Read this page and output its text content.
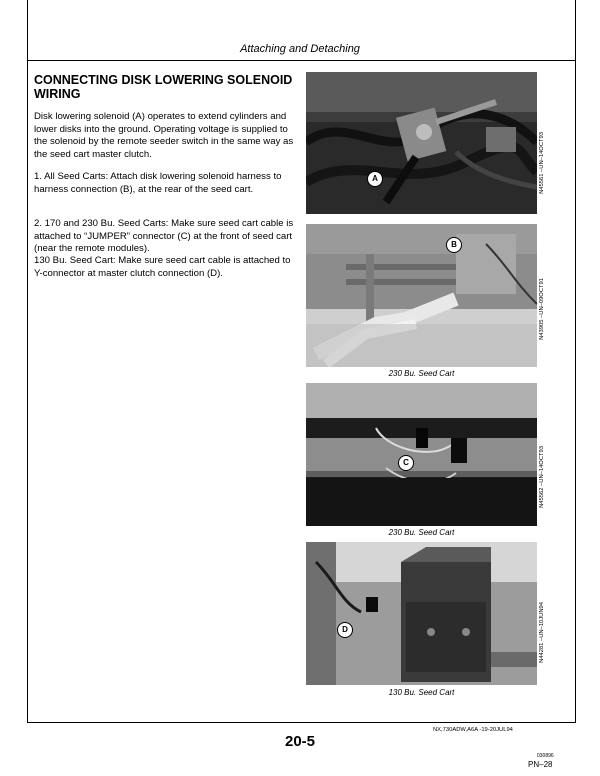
Attaching and Detaching
CONNECTING DISK LOWERING SOLENOID WIRING
Disk lowering solenoid (A) operates to extend cylinders and lower disks into the ground. Operating voltage is supplied to the solenoid by the remote seeder switch in the same way as the seed cart master clutch.
1. All Seed Carts: Attach disk lowering solenoid harness to harness connection (B), at the rear of the seed cart.
2. 170 and 230 Bu. Seed Carts: Make sure seed cart cable is attached to “JUMPER” connector (C) at the front of seed cart (near the remote modules).
130 Bu. Seed Cart: Make sure seed cart cable is attached to Y-connector at master clutch connection (D).
A	N45561 –UN–14OCT93
B
N43905 –UN–09OCT91
230 Bu. Seed Cart
C	N45562 –UN–14OCT93
230 Bu. Seed Cart
D	N44281 –UN–10JUN94
130 Bu. Seed Cart
NX,730ADW,A6A -19-20JUL94
20-5
030896
PN–28
